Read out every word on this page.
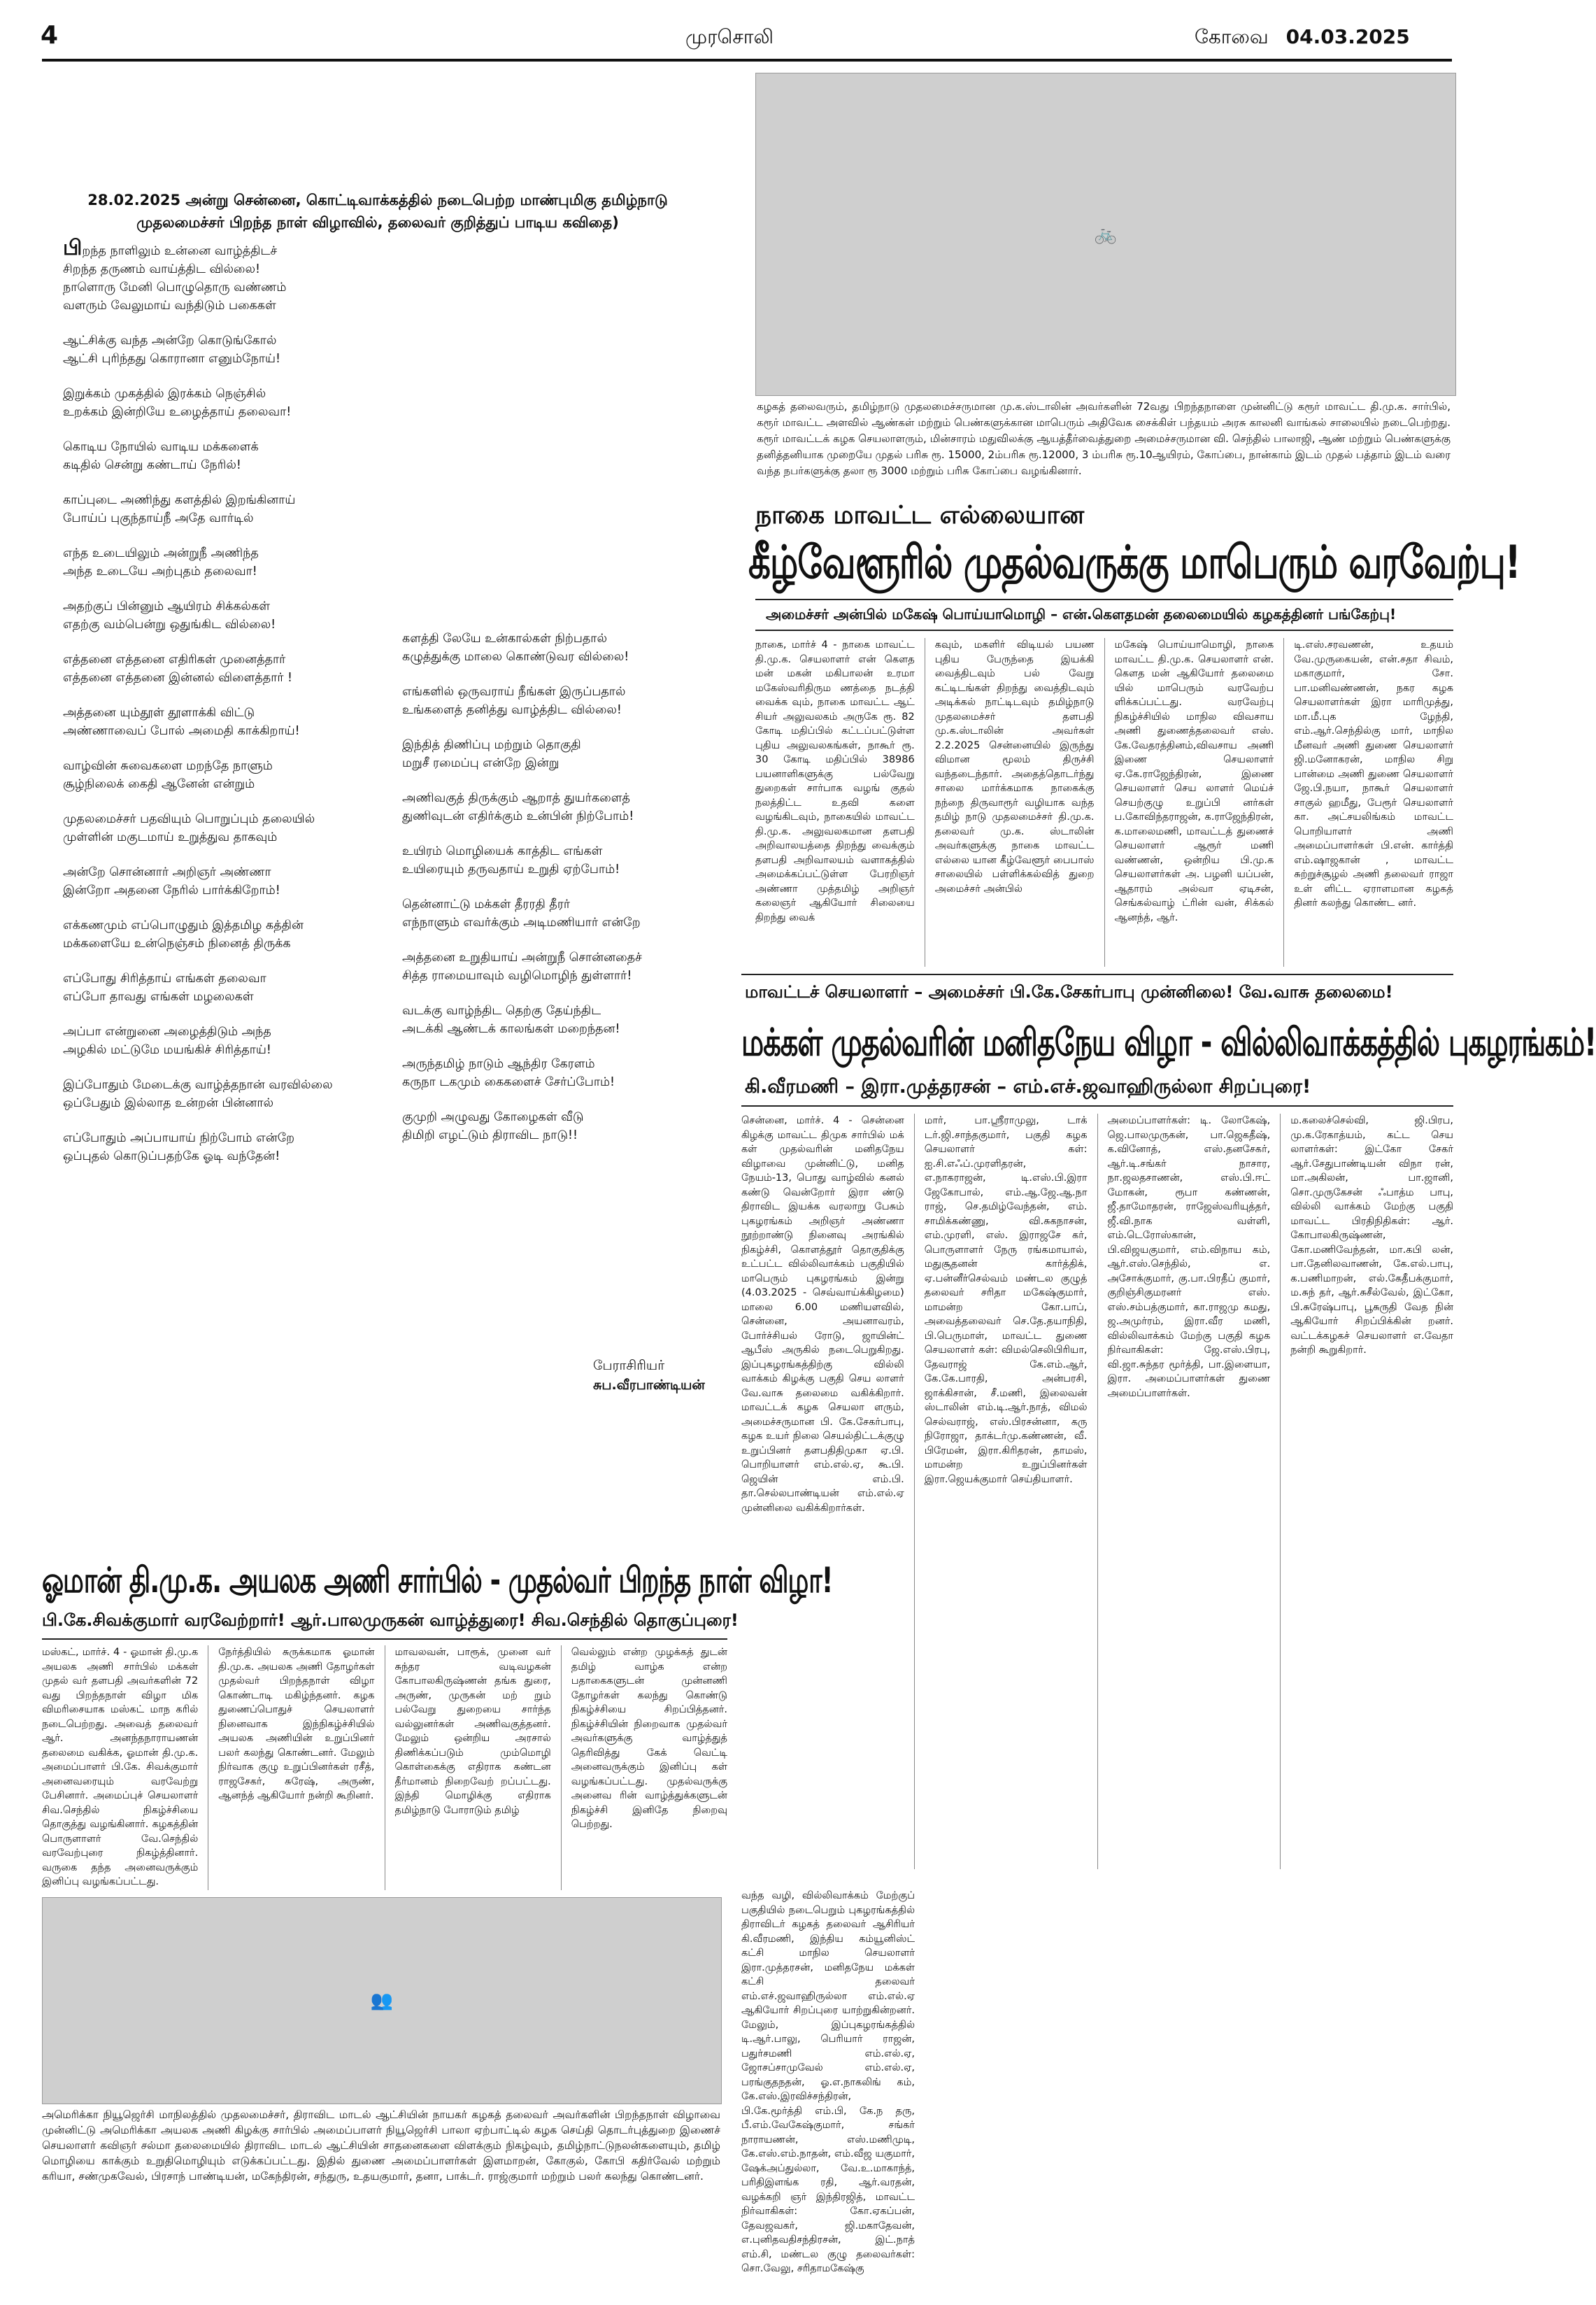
4	முரசொலி	கோவை 04.03.2025
28.02.2025 அன்று சென்னை, கொட்டிவாக்கத்தில் நடைபெற்ற மாண்புமிகு தமிழ்நாடு
முதலமைச்சர் பிறந்த நாள் விழாவில், தலைவர் குறித்துப் பாடிய கவிதை)
பிறந்த நாளிலும் உன்னை வாழ்த்திடச்
சிறந்த தருணம் வாய்த்திட வில்லை!
நாளொரு மேனி பொழுதொரு வண்ணம்
வளரும் வேலுமாய் வந்திடும் பகைகள்
ஆட்சிக்கு வந்த அன்றே கொடுங்கோல்
ஆட்சி புரிந்தது கொரானா எனும்நோய்!
இறுக்கம் முகத்தில் இரக்கம் நெஞ்சில்
உறக்கம் இன்றியே உழைத்தாய் தலைவா!
கொடிய நோயில் வாடிய மக்களைக்
கடிதில் சென்று கண்டாய் நேரில்!
காப்புடை அணிந்து களத்தில் இறங்கினாய்
போய்ப் புகுந்தாய்நீ அதே வார்டில்
எந்த உடையிலும் அன்றுநீ அணிந்த
அந்த உடையே அற்புதம் தலைவா!
அதற்குப் பின்னும் ஆயிரம் சிக்கல்கள்
எதற்கு வம்பென்று ஒதுங்கிட வில்லை!
எத்தனை எத்தனை எதிரிகள் முனைத்தார்
எத்தனை எத்தனை இன்னல் விளைத்தார் !
அத்தனை யும்தூள் தூளாக்கி விட்டு
அண்ணாவைப் போல் அமைதி காக்கிறாய்!
வாழ்வின் சுவைகளை மறந்தே நாளும்
சூழ்நிலைக் கைதி ஆனேன் என்றும்
முதலமைச்சர் பதவியும் பொறுப்பும் தலையில்
முள்ளின் மகுடமாய் உறுத்துவ தாகவும்
அன்றே சொன்னார் அறிஞர் அண்ணா
இன்றோ அதனை நேரில் பார்க்கிறோம்!
எக்கணமும் எப்பொழுதும் இத்தமிழ கத்தின்
மக்களையே உன்நெஞ்சம் நினைத் திருக்க
எப்போது சிரித்தாய் எங்கள் தலைவா
எப்போ தாவது எங்கள் மழலைகள்
அப்பா என்றுனை அழைத்திடும் அந்த
அழகில் மட்டுமே மயங்கிச் சிரித்தாய்!
இப்போதும் மேடைக்கு வாழ்த்தநான் வரவில்லை
ஒப்பேதும் இல்லாத உன்றன் பின்னால்
எப்போதும் அப்பாயாய் நிற்போம் என்றே
ஒப்புதல் கொடுப்பதற்கே ஓடி வந்தேன்!
களத்தி லேயே உன்கால்கள் நிற்பதால்
கழுத்துக்கு மாலை கொண்டுவர வில்லை!
எங்களில் ஒருவராய் நீங்கள் இருப்பதால்
உங்களைத் தனித்து வாழ்த்திட வில்லை!
இந்தித் திணிப்பு மற்றும் தொகுதி
மறுசீ ரமைப்பு என்றே இன்று
அணிவகுத் திருக்கும் ஆறாத் துயர்களைத்
துணிவுடன் எதிர்க்கும் உன்பின் நிற்போம்!
உயிரம் மொழியைக் காத்திட எங்கள்
உயிரையும் தருவதாய் உறுதி ஏற்போம்!
தென்னாட்டு மக்கள் தீரரதி தீரர்
எந்நாளும் எவர்க்கும் அடிமணியார் என்றே
அத்தனை உறுதியாய் அன்றுநீ சொன்னதைச்
சித்த ராமையாவும் வழிமொழிந் துள்ளார்!
வடக்கு வாழ்ந்திட தெற்கு தேய்ந்திட
அடக்கி ஆண்டக் காலங்கள் மறைந்தன!
அருந்தமிழ் நாடும் ஆந்திர கேரளம்
கருநா டகமும் கைகளைச் சேர்ப்போம்!
குமுறி அழுவது கோழைகள் வீடு
திமிறி எழட்டும் திராவிட நாடு!!
பேராசிரியர்
சுப.வீரபாண்டியன்
🚲
கழகத் தலைவரும், தமிழ்நாடு முதலமைச்சருமான மு.க.ஸ்டாலின் அவர்களின் 72வது பிறந்தநாளை முன்னிட்டு கரூர் மாவட்ட தி.மு.க. சார்பில், கரூர் மாவட்ட அளவில் ஆண்கள் மற்றும் பெண்களுக்கான மாபெரும் அதிவேக சைக்கிள் பந்தயம் அரசு காலனி வாங்கல் சாலையில் நடைபெற்றது. கரூர் மாவட்டக் கழக செயலாளரும், மின்சாரம் மதுவிலக்கு ஆயத்தீர்வைத்துறை அமைச்சருமான வி. செந்தில் பாலாஜி, ஆண் மற்றும் பெண்களுக்கு தனித்தனியாக முறையே முதல் பரிசு ரூ. 15000, 2ம்பரிசு ரூ.12000, 3 ம்பரிசு ரூ.10ஆயிரம், கோப்பை, நான்காம் இடம் முதல் பத்தாம் இடம் வரை வந்த நபர்களுக்கு தலா ரூ 3000 மற்றும் பரிசு கோப்பை வழங்கினார்.
நாகை மாவட்ட எல்லையான
கீழ்வேளூரில் முதல்வருக்கு மாபெரும் வரவேற்பு!
அமைச்சர் அன்பில் மகேஷ் பொய்யாமொழி – என்.கௌதமன் தலைமையில் கழகத்தினர் பங்கேற்பு!
நாகை, மார்ச் 4 - நாகை மாவட்ட தி.மு.க. செயலாளர் என் கௌத மன் மகன் மகிபாலன் உரமா மகேஸ்வரிதிரும ணத்தை நடத்தி வைக்க வும், நாகை மாவட்ட ஆட் சியர் அலுவலகம் அருகே ரூ. 82 கோடி மதிப்பில் கட்டப்பட்டுள்ள புதிய அலுவலகங்கள், நாகூர் ரூ. 30 கோடி மதிப்பில் 38986 பயனாளிகளுக்கு பல்வேறு துறைகள் சார்பாக வழங் குதல் நலத்திட்ட உதவி களை வழங்கிடவும், நாகையில் மாவட்ட தி.மு.க. அலுவலகமான தளபதி அறிவாலயத்தை திறந்து வைக்கும் தளபதி அறிவாலயம் வளாகத்தில் அமைக்கப்பட்டுள்ள பேரறிஞர் அண்ணா முத்தமிழ் அறிஞர் கலைஞர் ஆகியோர் சிலையை திறந்து வைக்
கவும், மகளிர் விடியல் பயண புதிய பேருந்தை இயக்கி வைத்திடவும் பல் வேறு கட்டிடங்கள் திறந்து வைத்திடவும் அடிக்கல் நாட்டிடவும் தமிழ்நாடு முதலமைச்சர் தளபதி மு.க.ஸ்டாலின் அவர்கள் 2.2.2025 சென்னையில் இருந்து விமான மூலம் திருச்சி வந்தடைந்தார். அதைத்தொடர்ந்து சாலை மார்க்கமாக நாகைக்கு நந்நை திருவாரூர் வழியாக வந்த தமிழ் நாடு முதலமைச்சர் தி.மு.க. தலைவர் மு.க. ஸ்டாலின் அவர்களுக்கு நாகை மாவட்ட எல்லை யான கீழ்வேளூர் பைபாஸ் சாலையில் பள்ளிக்கல்வித் துறை அமைச்சர் அன்பில்
மகேஷ் பொய்யாமொழி, நாகை மாவட்ட தி.மு.க. செயலாளர் என். கௌத மன் ஆகியோர் தலைமை யில் மாபெரும் வரவேற்ப ளிக்கப்பட்டது. வரவேற்பு நிகழ்ச்சியில் மாநில விவசாய அணி துணைத்தலைவர் எஸ். கே.வேதரத்தினம்,விவசாய அணி இணை செயலாளர் ஏ.கே.ராஜேந்திரன், இணை செயலாளர் செய லாளர் மெய்ச் செயற்குழு உறுப்பி னர்கள் ப.கோவிந்தராஜன், க.ராஜேந்திரன், க.மாலைமணி, மாவட்டத் துணைச் செயலாளர் ஆரூர் மணி வண்ணன், ஒன்றிய பி.மு.க செயலாளர்கள் அ. பழனி யப்பன், ஆதாரம் அல்வா ஏடிசன், செங்கல்வாழ் ட்ரின் வன், சிக்கல் ஆனந்த், ஆர்.
டி.எஸ்.சரவணன், உதயம் வே.முருகையன், என்.சதா சிவம், மகாகுமார், சோ. பா.மனிவண்ணன், நகர கழக செயலாளர்கள் இரா மாரிமுத்து, மா.மீ.புக ழேந்தி, எம்.ஆர்.செந்தில்கு மார், மாநில மீனவர் அணி துணை செயலாளர் ஜி.மனோகரன், மாநில சிறு பான்மை அணி துணை செயலாளர் ஜே.பி.நயா, நாகூர் செயலாளர் சாகுல் ஹமீது, பேரூர் செயலாளர் கா. அட்சயலிங்கம் மாவட்ட பொறியாளர் அணி அமைப்பாளர்கள் பி.என். கார்த்தி எம்.ஷாஜகான் , மாவட்ட சுற்றுச்சூழல் அணி தலைவர் ராஜா உள் ளிட்ட ஏராளமான கழகத் தினர் கலந்து கொண்ட னர்.
மாவட்டச் செயலாளர் – அமைச்சர் பி.கே.சேகர்பாபு முன்னிலை! வே.வாசு தலைமை!
மக்கள் முதல்வரின் மனிதநேய விழா - வில்லிவாக்கத்தில் புகழரங்கம்!
கி.வீரமணி – இரா.முத்தரசன் – எம்.எச்.ஜவாஹிருல்லா சிறப்புரை!
சென்னை, மார்ச். 4 - சென்னை கிழக்கு மாவட்ட திமுக சார்பில் மக் கள் முதல்வரின் மனிதநேய விழாவை முன்னிட்டு, மனித நேயம்-13, பொது வாழ்வில் கனல் கண்டு வென்றோர் இரா ண்டு திராவிட இயக்க வரலாறு பேசும் புகழரங்கம் அறிஞர் அண்ணா நூற்றாண்டு நினைவு அரங்கில் நிகழ்ச்சி, கொளத்தூர் தொகுதிக்கு உட்பட்ட வில்லிவாக்கம் பகுதியில் மாபெரும் புகழரங்கம் இன்று (4.03.2025 - செவ்வாய்க்கிழமை) மாலை 6.00 மணியளவில், சென்னை, அயனாவரம், போர்ச்சியல் ரோடு, ஜாயின்ட் ஆபீஸ் அருகில் நடைபெறுகிறது. இப்புகழரங்கத்திற்கு வில்லி வாக்கம் கிழக்கு பகுதி செய லாளர் வே.வாசு தலைமை வகிக்கிறார். மாவட்டக் கழக செயலா ளரும், அமைச்சருமான பி. கே.சேகர்பாபு, கழக உயர் நிலை செயல்திட்டக்குழு உறுப்பினர் தளபதிதிமுகா ஏ.பி. பொறியாளர் எம்.எல்.ஏ, கூ.பி. ஜெயின் எம்.பி. தா.செல்லபாண்டியன் எம்.எல்.ஏ முன்னிலை வகிக்கிறார்கள்.
மார், பா.ஸ்ரீராமுலு, டாக் டர்.ஜி.சாந்தகுமார், பகுதி கழக செயலாளர் கள்: ஐ.சி.எஃப்.முரளிதரன், எ.நாகராஜன், டி.எஸ்.பி.இரா ஜேகோபால், எம்.ஆ.ஜே.ஆ.நா ராஜ், செ.தமிழ்வேந்தன், எம். சாமிக்கண்ணு, வி.சுகநாசன், எம்.முரளி, எஸ். இராஜசே கர், பொருளாளர் நேரு ரங்கமாயால், மதுசூதனன் கார்த்திக், ஏ.பன்னீர்செல்வம் மண்டல குழுத் தலைவர் சரிதா மகேஷ்குமார், மாமன்ற கோ.பாப், அவைத்தலைவர் செ.தே.தயாநிதி, பி.பெருமாள், மாவட்ட துணை செயலாளர் கள்: விமல்செலிபிரியா, தேவராஜ் கே.எம்.ஆர், கே.கே.பாரதி, அன்பரசி, ஜாக்கிசான், சீ.மணி, இலைவன் ஸ்டாலின் எம்.டி.ஆர்.நாத், விமல் செல்வராஜ், எஸ்.பிரசன்னா, கரு நிரோஜா, தாக்டர்மு.கண்ணன், வீ. பிரேமன், இரா.கிரிதரன், தாமஸ், மாமன்ற உறுப்பினர்கள் இரா.ஜெயக்குமார் செய்தியாளர்.
அமைப்பாளர்கள்: டி. லோகேஷ், ஜெ.பாலமுருகன், பா.ஜெகதீஷ், க.வினோத், எஸ்.தனசேகர், ஆர்.டி.சங்கர் நாசார, நா.ஜலதசாணன், எஸ்.பி.ஈட் மோகன், ரூபா கண்ணன், ஜீ.தாமோதரன், ராஜேஸ்வரியுத்தர், ஜீ.வி.நாக வள்ளி, எம்.டெரோஸ்கான், பி.விஜயகுமார், எம்.விநாய கம், ஆர்.எஸ்.செந்தில், எ. அசோக்குமார், கு.பா.பிரதீப் குமார், குறிஞ்சிகுமரனா் எஸ். எஸ்.சம்பத்குமார், கா.ராஜமு கமது, ஜ.அமுர்ரம், இரா.வீர மணி, வில்லிவாக்கம் மேற்கு பகுதி கழக நிர்வாகிகள்: ஜே.எஸ்.பிரபு, வி.ஜா.சுந்தர மூர்த்தி, பா.இளையா, இரா. அமைப்பாளர்கள் துணை அமைப்பாளர்கள்.
ம.கலைச்செல்வி, ஜி.பிரப, மு.க.ரேகாத்யம், கட்ட செய லாளர்கள்: இட்கோ சேகர் ஆர்.சேதுபாண்டியன் விநா ரன், மா.அகிலன், பா.ஜானி, சொ.முருகேசன் ஃபாத்ம பாபு, வில்லி வாக்கம் மேற்கு பகுதி மாவட்ட பிரதிநிதிகள்: ஆர். கோபாலகிருஷ்ணன், கோ.மணிவேந்தன், மா.கபி லன், பா.தேனிலவாணன், கே.எல்.பாபு, க.பணிமாறன், எல்.கேதீபக்குமார், ம.சுந் தர், ஆர்.சுசீல்வேல், இட்கோ, பி.சுரேஷ்பாபு, பூசுருதி வேத நின் ஆகியோர் சிறப்பிக்கின் றனர். வட்டக்கழகச் செயலாளர் எ.வேதா நன்றி கூறுகிறார்.
வந்த வழி, வில்லிவாக்கம் மேற்குப் பகுதியில் நடைபெறும் புகழரங்கத்தில் திராவிடர் கழகத் தலைவர் ஆசிரியர் கி.வீரமணி, இந்திய கம்யூனிஸ்ட் கட்சி மாநில செயலாளர் இரா.முத்தரசன், மனிதநேய மக்கள் கட்சி தலைவர் எம்.எச்.ஜவாஹிருல்லா எம்.எல்.ஏ ஆகியோர் சிறப்புரை யாற்றுகின்றனர். மேலும், இப்புகழரங்கத்தில் டி.ஆர்.பாலு, பெரியார் ராஜன், பதுர்சமணி எம்.எல்.ஏ, ஜோசப்சாமுவேல் எம்.எல்.ஏ, பரங்குதநதன், ஓ.எ.நாகலிங் கம், கே.எஸ்.இரவிச்சந்திரன், பி.கே.மூர்த்தி எம்.பி, கே.ந தரு, பீ.எம்.வேகேஷ்குமார், சங்கர் நாராயணன், எஸ்.மணிமுடி, கே.எஸ்.எம்.நாதன், எம்.வீஜ யகுமார், ஷேக்அப்துல்லா, வே.உ.மாகாந்த், பரிதிஇளங்க ரதி, ஆர்.வரதன், வழக்கறி ஞர் இந்திரஜித், மாவட்ட நிர்வாகிகள்: கோ.ஏகப்பன், தேவஜவகர், ஜி.மகாதேவன், எ.புனிதவதிசந்திரசன், இட்.நாத் எம்.சி, மண்டல குழு தலைவர்கள்: சொ.வேலு, சரிதாமகேஷ்கு
ஓமான் தி.மு.க. அயலக அணி சார்பில் - முதல்வர் பிறந்த நாள் விழா!
பி.கே.சிவக்குமார் வரவேற்றார்! ஆர்.பாலமுருகன் வாழ்த்துரை! சிவ.செந்தில் தொகுப்புரை!
மஸ்கட், மார்ச். 4 - ஓமான் தி.மு.க அயலக அணி சார்பில் மக்கள் முதல் வர் தளபதி அவர்களின் 72 வது பிறந்தநாள் விழா மிக விமரிசையாக மஸ்கட் மாந கரில் நடைபெற்றது. அவைத் தலைவர் ஆர். அனந்தநாராயணன் தலைமை வகிக்க, ஓமான் தி.மு.க. அமைப்பாளர் பி.கே. சிவக்குமார் அனைவரையும் வரவேற்று பேசினார். அமைப்புச் செயலாளர் சிவ.செந்தில் நிகழ்ச்சியை தொகுத்து வழங்கினார். கழகத்தின் பொருளாளர் வே.செந்தில் வரவேற்புரை நிகழ்த்தினார். வருகை தந்த அனைவருக்கும் இனிப்பு வழங்கப்பட்டது.
நேர்த்தியில் சுருக்கமாக ஓமான் தி.மு.க. அயலக அணி தோழர்கள் முதல்வர் பிறந்தநாள் விழா கொண்டாடி மகிழ்ந்தனர். கழக துணைப்பொதுச் செயலாளர் நினைவாக இந்நிகழ்ச்சியில் அயலக அணியின் உறுப்பினர் பலர் கலந்து கொண்டனர். மேலும் நிர்வாக குழு உறுப்பினர்கள் ரசீத், ராஜசேகர், சுரேஷ், அருண், ஆனந்த் ஆகியோர் நன்றி கூறினர்.
மாவலவன், பாரூக், முனை வர் சுந்தர வடிவழகன் கோபாலகிருஷ்ணன் தங்க துரை, அருண், முருகன் மற் றும் பல்வேறு துறையை சார்ந்த வல்லுனர்கள் அணிவகுத்தனர். மேலும் ஒன்றிய அரசால் திணிக்கப்படும் மும்மொழி கொள்கைக்கு எதிராக கண்டன தீர்மானம் நிறைவேற் றப்பட்டது. இந்தி மொழிக்கு எதிராக தமிழ்நாடு போராடும் தமிழ்
வெல்லும் என்ற முழக்கத் துடன் தமிழ் வாழ்க என்ற பதாகைகளுடன் முன்னணி தோழர்கள் கலந்து கொண்டு நிகழ்ச்சியை சிறப்பித்தனர். நிகழ்ச்சியின் நிறைவாக முதல்வர் அவர்களுக்கு வாழ்த்துத் தெரிவித்து கேக் வெட்டி அனைவருக்கும் இனிப்பு கள் வழங்கப்பட்டது. முதல்வருக்கு அனைவ ரின் வாழ்த்துக்களுடன் நிகழ்ச்சி இனிதே நிறைவு பெற்றது.
👥
அமெரிக்கா நியூஜெர்சி மாநிலத்தில் முதலமைச்சர், திராவிட மாடல் ஆட்சியின் நாயகர் கழகத் தலைவர் அவர்களின் பிறந்தநாள் விழாவை முன்னிட்டு அமெரிக்கா அயலக அணி கிழக்கு சார்பில் அமைப்பாளர் நியூஜெர்சி பாலா ஏற்பாட்டில் கழக செய்தி தொடர்புத்துறை இணைச் செயலாளர் கவிஞர் சல்மா தலைமையில் திராவிட மாடல் ஆட்சியின் சாதனைகளை விளக்கும் நிகழ்வும், தமிழ்நாட்டுநலன்களையும், தமிழ் மொழியை காக்கும் உறுதிமொழியும் எடுக்கப்பட்டது. இதில் துணை அமைப்பாளர்கள் இளமாறன், கோகுல், கோபி கதிர்வேல் மற்றும் கரியா, சண்முகவேல், பிரசாந் பாண்டியன், மகேந்திரன், சந்துரு, உதயகுமார், தனா, பாக்டர். ராஜ்குமார் மற்றும் பலர் கலந்து கொண்டனர்.
